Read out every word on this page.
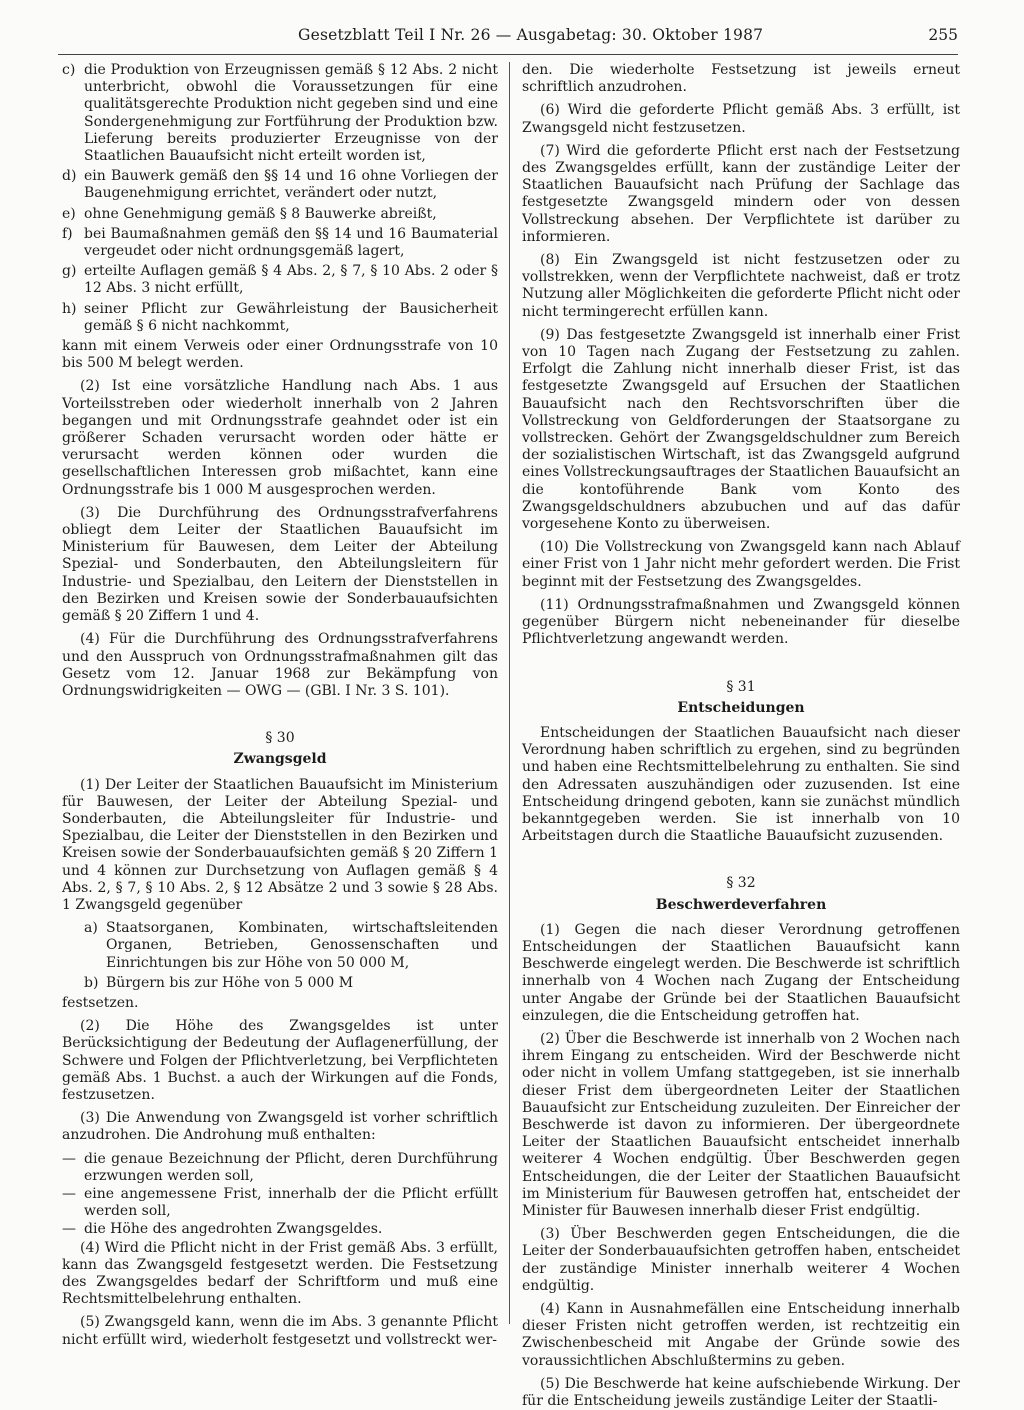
Gesetzblatt Teil I Nr. 26 — Ausgabetag: 30. Oktober 1987	255
c) die Produktion von Erzeugnissen gemäß § 12 Abs. 2 nicht unterbricht, obwohl die Voraussetzungen für eine qualitätsgerechte Produktion nicht gegeben sind und eine Sondergenehmigung zur Fortführung der Produktion bzw. Lieferung bereits produzierter Erzeugnisse von der Staatlichen Bauaufsicht nicht erteilt worden ist,
d) ein Bauwerk gemäß den §§ 14 und 16 ohne Vorliegen der Baugenehmigung errichtet, verändert oder nutzt,
e) ohne Genehmigung gemäß § 8 Bauwerke abreißt,
f) bei Baumaßnahmen gemäß den §§ 14 und 16 Baumaterial vergeudet oder nicht ordnungsgemäß lagert,
g) erteilte Auflagen gemäß § 4 Abs. 2, § 7, § 10 Abs. 2 oder § 12 Abs. 3 nicht erfüllt,
h) seiner Pflicht zur Gewährleistung der Bausicherheit gemäß § 6 nicht nachkommt,

kann mit einem Verweis oder einer Ordnungsstrafe von 10 bis 500 M belegt werden.

(2) Ist eine vorsätzliche Handlung nach Abs. 1 aus Vorteilsstreben oder wiederholt innerhalb von 2 Jahren begangen und mit Ordnungsstrafe geahndet oder ist ein größerer Schaden verursacht worden oder hätte er verursacht werden können oder wurden die gesellschaftlichen Interessen grob mißachtet, kann eine Ordnungsstrafe bis 1 000 M ausgesprochen werden.

(3) Die Durchführung des Ordnungsstrafverfahrens obliegt dem Leiter der Staatlichen Bauaufsicht im Ministerium für Bauwesen, dem Leiter der Abteilung Spezial- und Sonderbauten, den Abteilungsleitern für Industrie- und Spezialbau, den Leitern der Dienststellen in den Bezirken und Kreisen sowie der Sonderbauaufsichten gemäß § 20 Ziffern 1 und 4.

(4) Für die Durchführung des Ordnungsstrafverfahrens und den Ausspruch von Ordnungsstrafmaßnahmen gilt das Gesetz vom 12. Januar 1968 zur Bekämpfung von Ordnungswidrigkeiten — OWG — (GBl. I Nr. 3 S. 101).

§ 30
Zwangsgeld

(1) Der Leiter der Staatlichen Bauaufsicht im Ministerium für Bauwesen, der Leiter der Abteilung Spezial- und Sonderbauten, die Abteilungsleiter für Industrie- und Spezialbau, die Leiter der Dienststellen in den Bezirken und Kreisen sowie der Sonderbauaufsichten gemäß § 20 Ziffern 1 und 4 können zur Durchsetzung von Auflagen gemäß § 4 Abs. 2, § 7, § 10 Abs. 2, § 12 Absätze 2 und 3 sowie § 28 Abs. 1 Zwangsgeld gegenüber

a) Staatsorganen, Kombinaten, wirtschaftsleitenden Organen, Betrieben, Genossenschaften und Einrichtungen bis zur Höhe von 50 000 M,
b) Bürgern bis zur Höhe von 5 000 M

festsetzen.

(2) Die Höhe des Zwangsgeldes ist unter Berücksichtigung der Bedeutung der Auflagenerfüllung, der Schwere und Folgen der Pflichtverletzung, bei Verpflichteten gemäß Abs. 1 Buchst. a auch der Wirkungen auf die Fonds, festzusetzen.

(3) Die Anwendung von Zwangsgeld ist vorher schriftlich anzudrohen. Die Androhung muß enthalten:

— die genaue Bezeichnung der Pflicht, deren Durchführung erzwungen werden soll,
— eine angemessene Frist, innerhalb der die Pflicht erfüllt werden soll,
— die Höhe des angedrohten Zwangsgeldes.

(4) Wird die Pflicht nicht in der Frist gemäß Abs. 3 erfüllt, kann das Zwangsgeld festgesetzt werden. Die Festsetzung des Zwangsgeldes bedarf der Schriftform und muß eine Rechtsmittelbelehrung enthalten.

(5) Zwangsgeld kann, wenn die im Abs. 3 genannte Pflicht nicht erfüllt wird, wiederholt festgesetzt und vollstreckt wer-

den. Die wiederholte Festsetzung ist jeweils erneut schriftlich anzudrohen.

(6) Wird die geforderte Pflicht gemäß Abs. 3 erfüllt, ist Zwangsgeld nicht festzusetzen.

(7) Wird die geforderte Pflicht erst nach der Festsetzung des Zwangsgeldes erfüllt, kann der zuständige Leiter der Staatlichen Bauaufsicht nach Prüfung der Sachlage das festgesetzte Zwangsgeld mindern oder von dessen Vollstreckung absehen. Der Verpflichtete ist darüber zu informieren.

(8) Ein Zwangsgeld ist nicht festzusetzen oder zu vollstrekken, wenn der Verpflichtete nachweist, daß er trotz Nutzung aller Möglichkeiten die geforderte Pflicht nicht oder nicht termingerecht erfüllen kann.

(9) Das festgesetzte Zwangsgeld ist innerhalb einer Frist von 10 Tagen nach Zugang der Festsetzung zu zahlen. Erfolgt die Zahlung nicht innerhalb dieser Frist, ist das festgesetzte Zwangsgeld auf Ersuchen der Staatlichen Bauaufsicht nach den Rechtsvorschriften über die Vollstreckung von Geldforderungen der Staatsorgane zu vollstrecken. Gehört der Zwangsgeldschuldner zum Bereich der sozialistischen Wirtschaft, ist das Zwangsgeld aufgrund eines Vollstreckungsauftrages der Staatlichen Bauaufsicht an die kontoführende Bank vom Konto des Zwangsgeldschuldners abzubuchen und auf das dafür vorgesehene Konto zu überweisen.

(10) Die Vollstreckung von Zwangsgeld kann nach Ablauf einer Frist von 1 Jahr nicht mehr gefordert werden. Die Frist beginnt mit der Festsetzung des Zwangsgeldes.

(11) Ordnungsstrafmaßnahmen und Zwangsgeld können gegenüber Bürgern nicht nebeneinander für dieselbe Pflichtverletzung angewandt werden.

§ 31
Entscheidungen

Entscheidungen der Staatlichen Bauaufsicht nach dieser Verordnung haben schriftlich zu ergehen, sind zu begründen und haben eine Rechtsmittelbelehrung zu enthalten. Sie sind den Adressaten auszuhändigen oder zuzusenden. Ist eine Entscheidung dringend geboten, kann sie zunächst mündlich bekanntgegeben werden. Sie ist innerhalb von 10 Arbeitstagen durch die Staatliche Bauaufsicht zuzusenden.

§ 32
Beschwerdeverfahren

(1) Gegen die nach dieser Verordnung getroffenen Entscheidungen der Staatlichen Bauaufsicht kann Beschwerde eingelegt werden. Die Beschwerde ist schriftlich innerhalb von 4 Wochen nach Zugang der Entscheidung unter Angabe der Gründe bei der Staatlichen Bauaufsicht einzulegen, die die Entscheidung getroffen hat.

(2) Über die Beschwerde ist innerhalb von 2 Wochen nach ihrem Eingang zu entscheiden. Wird der Beschwerde nicht oder nicht in vollem Umfang stattgegeben, ist sie innerhalb dieser Frist dem übergeordneten Leiter der Staatlichen Bauaufsicht zur Entscheidung zuzuleiten. Der Einreicher der Beschwerde ist davon zu informieren. Der übergeordnete Leiter der Staatlichen Bauaufsicht entscheidet innerhalb weiterer 4 Wochen endgültig. Über Beschwerden gegen Entscheidungen, die der Leiter der Staatlichen Bauaufsicht im Ministerium für Bauwesen getroffen hat, entscheidet der Minister für Bauwesen innerhalb dieser Frist endgültig.

(3) Über Beschwerden gegen Entscheidungen, die die Leiter der Sonderbauaufsichten getroffen haben, entscheidet der zuständige Minister innerhalb weiterer 4 Wochen endgültig.

(4) Kann in Ausnahmefällen eine Entscheidung innerhalb dieser Fristen nicht getroffen werden, ist rechtzeitig ein Zwischenbescheid mit Angabe der Gründe sowie des voraussichtlichen Abschlußtermins zu geben.

(5) Die Beschwerde hat keine aufschiebende Wirkung. Der für die Entscheidung jeweils zuständige Leiter der Staatli-
